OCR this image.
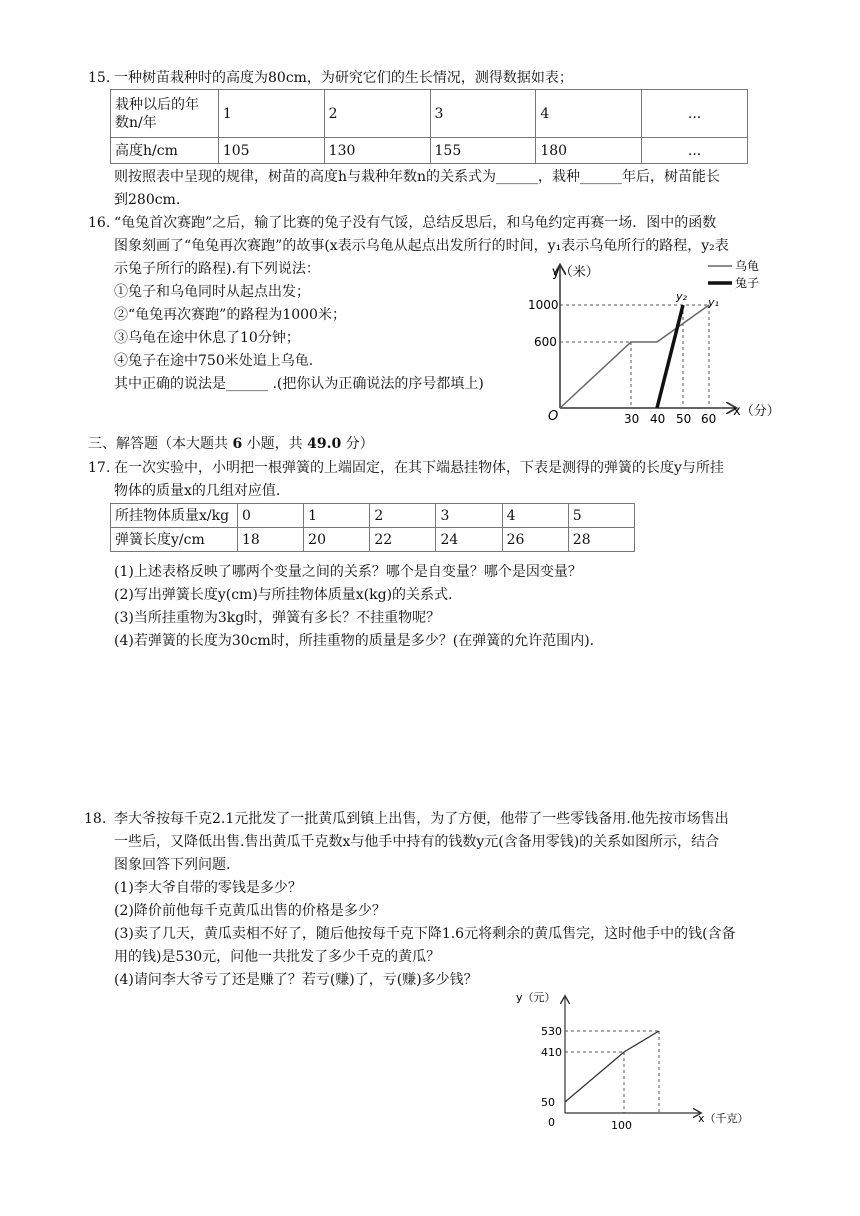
15. 一种树苗栽种时的高度为80cm，为研究它们的生长情况，测得数据如表；
栽种以后的年
数n/年	1	2	3	4	...
高度h/cm	105	130	155	180	...
则按照表中呈现的规律，树苗的高度h与栽种年数n的关系式为______，栽种______年后，树苗能长
到280cm.
16. “龟兔首次赛跑”之后，输了比赛的兔子没有气馁，总结反思后，和乌龟约定再赛一场．图中的函数
图象刻画了“龟兔再次赛跑”的故事(x表示乌龟从起点出发所行的时间，y₁表示乌龟所行的路程，y₂表
示兔子所行的路程).有下列说法：
①兔子和乌龟同时从起点出发；
②“龟兔再次赛跑”的路程为1000米；
③乌龟在途中休息了10分钟；
④兔子在途中750米处追上乌龟.
其中正确的说法是______ .(把你认为正确说法的序号都填上)
y（米）
x（分）
O
1000
600
30 40 50 60
y₂ y₁
乌龟
兔子
三、解答题（本大题共 6 小题，共 49.0 分）
17. 在一次实验中，小明把一根弹簧的上端固定，在其下端悬挂物体，下表是测得的弹簧的长度y与所挂
物体的质量x的几组对应值.
所挂物体质量x/kg	0	1	2	3	4	5
弹簧长度y/cm	18	20	22	24	26	28
(1)上述表格反映了哪两个变量之间的关系？哪个是自变量？哪个是因变量？
(2)写出弹簧长度y(cm)与所挂物体质量x(kg)的关系式.
(3)当所挂重物为3kg时，弹簧有多长？不挂重物呢？
(4)若弹簧的长度为30cm时，所挂重物的质量是多少？(在弹簧的允许范围内).
18. 李大爷按每千克2.1元批发了一批黄瓜到镇上出售，为了方便，他带了一些零钱备用.他先按市场售出
一些后，又降低出售.售出黄瓜千克数x与他手中持有的钱数y元(含备用零钱)的关系如图所示，结合
图象回答下列问题.
(1)李大爷自带的零钱是多少？
(2)降价前他每千克黄瓜出售的价格是多少？
(3)卖了几天，黄瓜卖相不好了，随后他按每千克下降1.6元将剩余的黄瓜售完，这时他手中的钱(含备
用的钱)是530元，问他一共批发了多少千克的黄瓜？
(4)请问李大爷亏了还是赚了？若亏(赚)了，亏(赚)多少钱？
y（元）
x（千克）
0
530
410
50
100
